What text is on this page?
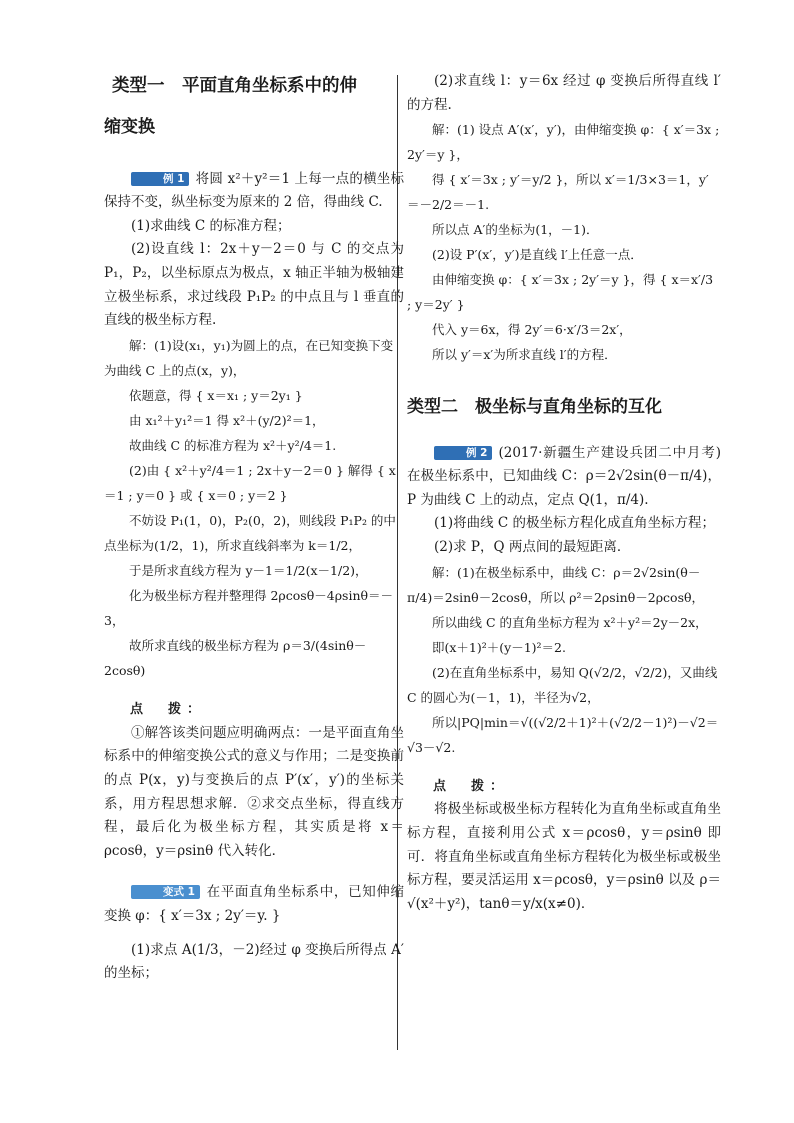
类型一　平面直角坐标系中的伸

缩变换

例 1 将圆 x²＋y²＝1 上每一点的横坐标保持不变，纵坐标变为原来的 2 倍，得曲线 C.

(1)求曲线 C 的标准方程；

(2)设直线 l：2x＋y－2＝0 与 C 的交点为 P₁，P₂，以坐标原点为极点，x 轴正半轴为极轴建立极坐标系，求过线段 P₁P₂ 的中点且与 l 垂直的直线的极坐标方程.

解：(1)设(x₁，y₁)为圆上的点，在已知变换下变为曲线 C 上的点(x，y)，

依题意，得 { x＝x₁ ; y＝2y₁ }

由 x₁²＋y₁²＝1 得 x²＋(y/2)²＝1，

故曲线 C 的标准方程为 x²＋y²/4＝1.

(2)由 { x²＋y²/4＝1 ; 2x＋y－2＝0 } 解得 { x＝1 ; y＝0 } 或 { x＝0 ; y＝2 }

不妨设 P₁(1，0)，P₂(0，2)，则线段 P₁P₂ 的中点坐标为(1/2，1)，所求直线斜率为 k＝1/2，

于是所求直线方程为 y－1＝1/2(x－1/2)，

化为极坐标方程并整理得 2ρcosθ－4ρsinθ＝－3，

故所求直线的极坐标方程为 ρ＝3/(4sinθ－2cosθ)

点　拨：

①解答该类问题应明确两点：一是平面直角坐标系中的伸缩变换公式的意义与作用；二是变换前的点 P(x，y)与变换后的点 P′(x′，y′)的坐标关系，用方程思想求解．②求交点坐标，得直线方程，最后化为极坐标方程，其实质是将 x＝ρcosθ，y＝ρsinθ 代入转化．

变式 1 在平面直角坐标系中，已知伸缩变换 φ：{ x′＝3x ; 2y′＝y. }

(1)求点 A(1/3，－2)经过 φ 变换后所得点 A′的坐标；

(2)求直线 l：y＝6x 经过 φ 变换后所得直线 l′的方程.

解：(1) 设点 A′(x′，y′)，由伸缩变换 φ：{ x′＝3x ; 2y′＝y }，

得 { x′＝3x ; y′＝y/2 }，所以 x′＝1/3×3＝1，y′＝－2/2＝－1.

所以点 A′的坐标为(1，－1)．

(2)设 P′(x′，y′)是直线 l′上任意一点．

由伸缩变换 φ：{ x′＝3x ; 2y′＝y }，得 { x＝x′/3 ; y＝2y′ }

代入 y＝6x，得 2y′＝6·x′/3＝2x′，

所以 y′＝x′为所求直线 l′的方程．

类型二　极坐标与直角坐标的互化

例 2 (2017·新疆生产建设兵团二中月考) 在极坐标系中，已知曲线 C：ρ＝2√2sin(θ－π/4)，P 为曲线 C 上的动点，定点 Q(1，π/4).

(1)将曲线 C 的极坐标方程化成直角坐标方程；

(2)求 P，Q 两点间的最短距离．

解：(1)在极坐标系中，曲线 C：ρ＝2√2sin(θ－π/4)＝2sinθ－2cosθ，所以 ρ²＝2ρsinθ－2ρcosθ，

所以曲线 C 的直角坐标方程为 x²＋y²＝2y－2x，

即(x＋1)²＋(y－1)²＝2.

(2)在直角坐标系中，易知 Q(√2/2，√2/2)，又曲线 C 的圆心为(－1，1)，半径为√2，

所以|PQ|min＝√((√2/2＋1)²＋(√2/2－1)²)－√2＝√3－√2.

点　拨：

将极坐标或极坐标方程转化为直角坐标或直角坐标方程，直接利用公式 x＝ρcosθ，y＝ρsinθ 即可．将直角坐标或直角坐标方程转化为极坐标或极坐标方程，要灵活运用 x＝ρcosθ，y＝ρsinθ 以及 ρ＝√(x²＋y²)，tanθ＝y/x(x≠0)．
